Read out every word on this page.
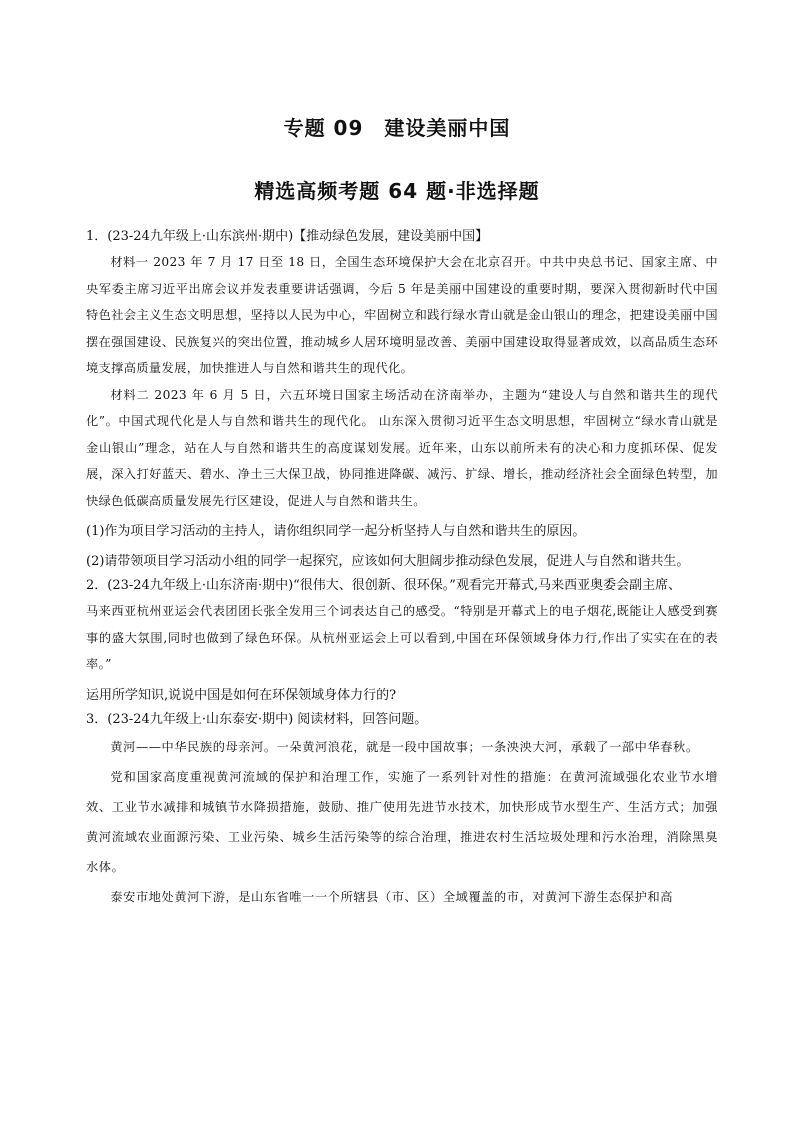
专题 09　建设美丽中国
精选高频考题 64 题·非选择题

1．(23-24九年级上·山东滨州·期中)【推动绿色发展，建设美丽中国】

材料一 2023 年 7 月 17 日至 18 日，全国生态环境保护大会在北京召开。中共中央总书记、国家主席、中央军委主席习近平出席会议并发表重要讲话强调，今后 5 年是美丽中国建设的重要时期，要深入贯彻新时代中国特色社会主义生态文明思想，坚持以人民为中心，牢固树立和践行绿水青山就是金山银山的理念，把建设美丽中国摆在强国建设、民族复兴的突出位置，推动城乡人居环境明显改善、美丽中国建设取得显著成效，以高品质生态环境支撑高质量发展，加快推进人与自然和谐共生的现代化。

材料二 2023 年 6 月 5 日，六五环境日国家主场活动在济南举办，主题为“建设人与自然和谐共生的现代化”。中国式现代化是人与自然和谐共生的现代化。 山东深入贯彻习近平生态文明思想，牢固树立“绿水青山就是金山银山”理念，站在人与自然和谐共生的高度谋划发展。近年来，山东以前所未有的决心和力度抓环保、促发展，深入打好蓝天、碧水、净土三大保卫战，协同推进降碳、减污、扩绿、增长，推动经济社会全面绿色转型，加快绿色低碳高质量发展先行区建设，促进人与自然和谐共生。

(1)作为项目学习活动的主持人，请你组织同学一起分析坚持人与自然和谐共生的原因。

(2)请带领项目学习活动小组的同学一起探究，应该如何大胆阔步推动绿色发展，促进人与自然和谐共生。

2．(23-24九年级上·山东济南·期中)“很伟大、很创新、很环保。”观看完开幕式,马来西亚奥委会副主席、

马来西亚杭州亚运会代表团团长张全发用三个词表达自己的感受。“特别是开幕式上的电子烟花,既能让人感受到赛事的盛大氛围,同时也做到了绿色环保。从杭州亚运会上可以看到,中国在环保领域身体力行,作出了实实在在的表率。”

运用所学知识,说说中国是如何在环保领域身体力行的?

3．(23-24九年级上·山东泰安·期中) 阅读材料，回答问题。

黄河——中华民族的母亲河。一朵黄河浪花，就是一段中国故事；一条泱泱大河，承载了一部中华春秋。

党和国家高度重视黄河流域的保护和治理工作，实施了一系列针对性的措施：在黄河流域强化农业节水增效、工业节水减排和城镇节水降损措施，鼓励、推广使用先进节水技术，加快形成节水型生产、生活方式；加强黄河流域农业面源污染、工业污染、城乡生活污染等的综合治理，推进农村生活垃圾处理和污水治理，消除黑臭水体。

泰安市地处黄河下游，是山东省唯一一个所辖县（市、区）全域覆盖的市，对黄河下游生态保护和高
